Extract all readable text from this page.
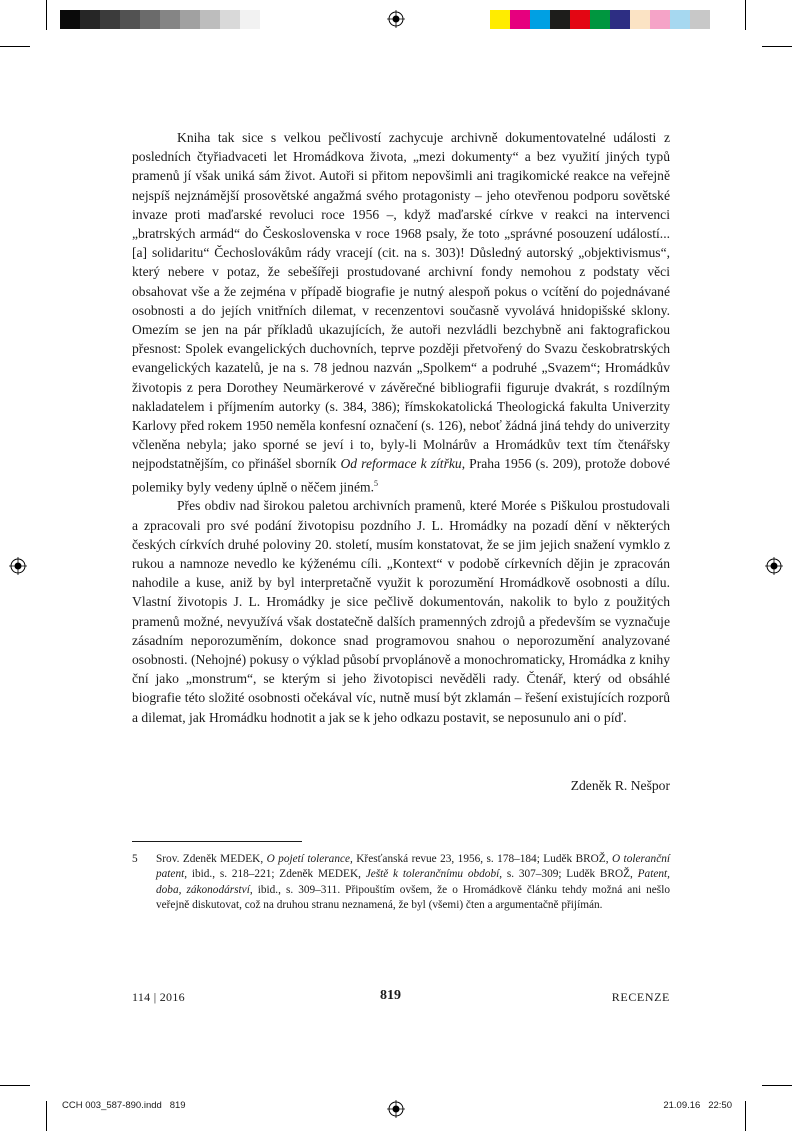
Kniha tak sice s velkou pečlivostí zachycuje archivně dokumentovatelné události z posledních čtyřiadvaceti let Hromádkova života, „mezi dokumenty“ a bez využití jiných typů pramenů jí však uniká sám život. Autoři si přitom nepovšimli ani tragikomické reakce na veřejně nejspíš nejznámější prosovětské angažmá svého protagonisty – jeho otevřenou podporu sovětské invaze proti maďarské revoluci roce 1956 –, když maďarské církve v reakci na intervenci „bratrských armád“ do Československa v roce 1968 psaly, že toto „správné posouzení událostí... [a] solidaritu“ Čechoslovákům rády vracejí (cit. na s. 303)! Důsledný autorský „objektivismus“, který nebere v potaz, že sebešířeji prostudované archivní fondy nemohou z podstaty věci obsahovat vše a že zejména v případě biografie je nutný alespoň pokus o vcítění do pojednávané osobnosti a do jejích vnitřních dilemat, v recenzentovi současně vyvolává hnidopišské sklony. Omezím se jen na pár příkladů ukazujících, že autoři nezvládli bezchybně ani faktografickou přesnost: Spolek evangelických duchovních, teprve později přetvořený do Svazu českobratrských evangelických kazatelů, je na s. 78 jednou nazván „Spolkem“ a podruhé „Svazem“; Hromádkův životopis z pera Dorothey Neumärkerové v závěrečné bibliografii figuruje dvakrát, s rozdílným nakladatelem i příjmením autorky (s. 384, 386); římskokatolická Theologická fakulta Univerzity Karlovy před rokem 1950 neměla konfesní označení (s. 126), neboť žádná jiná tehdy do univerzity včleněna nebyla; jako sporné se jeví i to, byly-li Molnárův a Hromádkův text tím čtenářsky nejpodstatnějším, co přinášel sborník Od reformace k zítřku, Praha 1956 (s. 209), protože dobové polemiky byly vedeny úplně o něčem jiném.$^5$

Přes obdiv nad širokou paletou archivních pramenů, které Morée s Piškulou prostudovali a zpracovali pro své podání životopisu pozdního J. L. Hromádky na pozadí dění v některých českých církvích druhé poloviny 20. století, musím konstatovat, že se jim jejich snažení vymklo z rukou a namnoze nevedlo ke kýženému cíli. „Kontext“ v podobě církevních dějin je zpracován nahodile a kuse, aniž by byl interpretačně využit k porozumění Hromádkově osobnosti a dílu. Vlastní životopis J. L. Hromádky je sice pečlivě dokumentován, nakolik to bylo z použitých pramenů možné, nevyužívá však dostatečně dalších pramenných zdrojů a především se vyznačuje zásadním neporozuměním, dokonce snad programovou snahou o neporozumění analyzované osobnosti. (Nehojné) pokusy o výklad působí prvoplánově a monochromaticky, Hromádka z knihy ční jako „monstrum“, se kterým si jeho životopisci nevěděli rady. Čtenář, který od obsáhlé biografie této složité osobnosti očekával víc, nutně musí být zklamán – řešení existujících rozporů a dilemat, jak Hromádku hodnotit a jak se k jeho odkazu postavit, se neposunulo ani o píď.

Zdeněk R. Nešpor
5	Srov. Zdeněk MEDEK, O pojetí tolerance, Křesťanská revue 23, 1956, s. 178–184; Luděk BROŽ, O toleranční patent, ibid., s. 218–221; Zdeněk MEDEK, Ještě k tolerančnímu období, s. 307–309; Luděk BROŽ, Patent, doba, zákonodárství, ibid., s. 309–311. Připouštím ovšem, že o Hromádkově článku tehdy možná ani nešlo veřejně diskutovat, což na druhou stranu neznamená, že byl (všemi) čten a argumentačně přijímán.
114 | 2016	819	RECENZE
CCH 003_587-890.indd   819	21.09.16   22:50
